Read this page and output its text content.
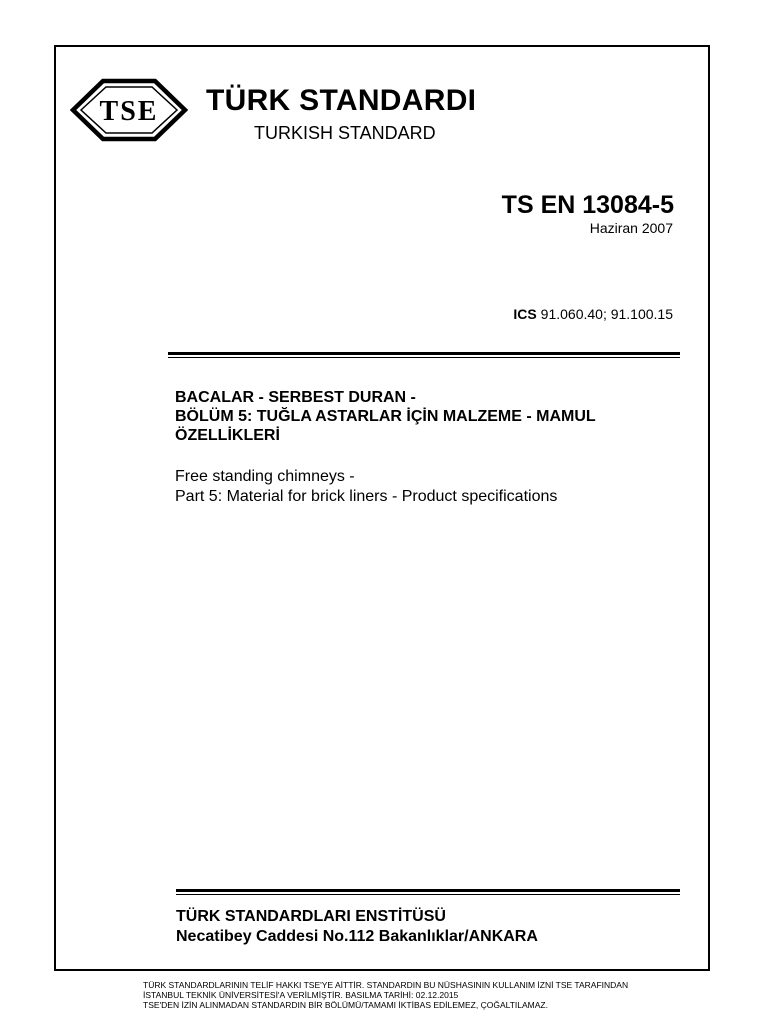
TSE TÜRK STANDARDI
TURKISH STANDARD
TS EN 13084-5
Haziran 2007
ICS 91.060.40; 91.100.15
BACALAR - SERBEST DURAN -
BÖLÜM 5: TUĞLA ASTARLAR İÇİN MALZEME - MAMUL
ÖZELLİKLERİ
Free standing chimneys -
Part 5: Material for brick liners - Product specifications
TÜRK STANDARDLARI ENSTİTÜSÜ
Necatibey Caddesi No.112 Bakanlıklar/ANKARA
TÜRK STANDARDLARININ TELİF HAKKI TSE'YE AİTTİR. STANDARDIN BU NÜSHASININ KULLANIM İZNİ TSE TARAFINDAN
İSTANBUL TEKNİK ÜNİVERSİTESİ'A VERİLMİŞTİR. BASILMA TARİHİ: 02.12.2015
TSE'DEN İZİN ALINMADAN STANDARDIN BİR BÖLÜMÜ/TAMAMI İKTİBAS EDİLEMEZ, ÇOĞALTILAMAZ.
